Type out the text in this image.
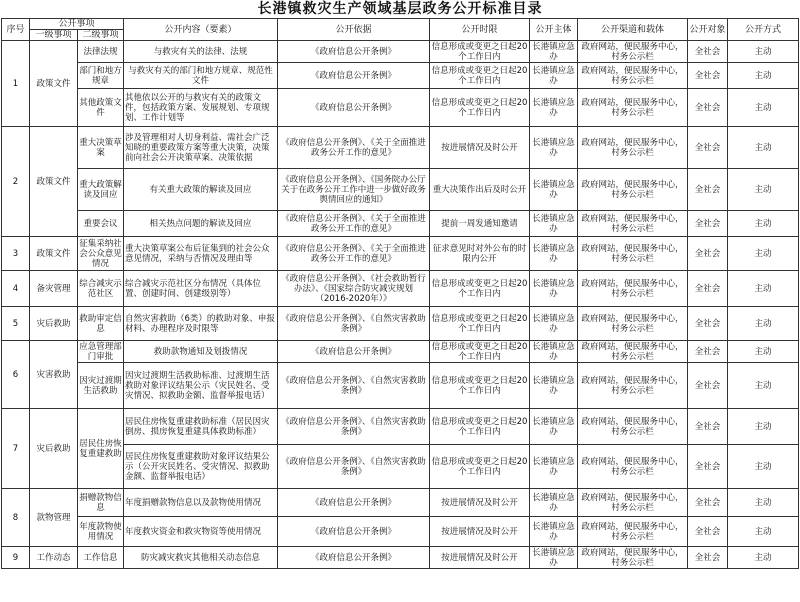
长港镇救灾生产领域基层政务公开标准目录
序号	公开事项		公开内容（要素）	公开依据	公开时限	公开主体	公开渠道和载体	公开对象	公开方式
	一级事项	二级事项							
1	政策文件	法律法规	与救灾有关的法律、法规	《政府信息公开条例》	信息形成或变更之日起20个工作日内	长港镇应急办	政府网站，便民服务中心，村务公示栏	全社会	主动
		部门和地方规章	与救灾有关的部门和地方规章、规范性文件	《政府信息公开条例》	信息形成或变更之日起20个工作日内	长港镇应急办	政府网站，便民服务中心，村务公示栏	全社会	主动
		其他政策文件	其他依以公开的与救灾有关的政策文件，包括政策方案、发展规划、专项规划、工作计划等	《政府信息公开条例》	信息形成或变更之日起20个工作日内	长港镇应急办	政府网站，便民服务中心，村务公示栏	全社会	主动
2	政策文件	重大决策草案	涉及管理相对人切身利益、需社会广泛知晓的重要政策方案等重大决策，决策前向社会公开决策草案、决策依据	《政府信息公开条例》、《关于全面推进政务公开工作的意见》	按进展情况及时公开	长港镇应急办	政府网站，便民服务中心，村务公示栏	全社会	主动
		重大政策解读及回应	有关重大政策的解读及回应	《政府信息公开条例》、《国务院办公厅关于在政务公开工作中进一步做好政务舆情回应的通知》	重大决策作出后及时公开	长港镇应急办	政府网站，便民服务中心，村务公示栏	全社会	主动
		重要会议	相关热点问题的解读及回应	《政府信息公开条例》、《关于全面推进政务公开工作的意见》	提前一周发通知邀请	长港镇应急办	政府网站，便民服务中心，村务公示栏	全社会	主动
3	政策文件	征集采纳社会公众意见情况	重大决策草案公布后征集到的社会公众意见情况，采纳与否情况及理由等	《政府信息公开条例》、《关于全面推进政务公开工作的意见》	征求意见时对外公布的时限内公开	长港镇应急办	政府网站，便民服务中心，村务公示栏	全社会	主动
4	备灾管理	综合减灾示范社区	综合减灾示范社区分布情况（具体位置、创建时间、创建级别等）	《政府信息公开条例》、《社会救助暂行办法》、《国家综合防灾减灾规划（2016-2020年）》	信息形成或变更之日起20个工作日内	长港镇应急办	政府网站，便民服务中心，村务公示栏	全社会	主动
5	灾后救助	救助审定信息	自然灾害救助（6类）的救助对象、申报材料、办理程序及时限等	《政府信息公开条例》、《自然灾害救助条例》	信息形成或变更之日起20个工作日内	长港镇应急办	政府网站，便民服务中心，村务公示栏	全社会	主动
6	灾害救助	应急管理部门审批	救助款物通知及划拨情况	《政府信息公开条例》	信息形成或变更之日起20个工作日内	长港镇应急办	政府网站，便民服务中心，村务公示栏	全社会	主动
		因灾过渡期生活救助	因灾过渡期生活救助标准、过渡期生活救助对象评议结果公示（灾民姓名、受灾情况、拟救助金额、监督举报电话）	《政府信息公开条例》、《自然灾害救助条例》	信息形成或变更之日起20个工作日内	长港镇应急办	政府网站，便民服务中心，村务公示栏	全社会	主动
7	灾后救助	居民住房恢复重建救助	居民住房恢复重建救助标准（居民因灾倒房、损房恢复重建具体救助标准）	《政府信息公开条例》、《自然灾害救助条例》	信息形成或变更之日起20个工作日内	长港镇应急办	政府网站，便民服务中心，村务公示栏	全社会	主动
			居民住房恢复重建救助对象评议结果公示（公开灾民姓名、受灾情况、拟救助金额、监督举报电话）	《政府信息公开条例》、《自然灾害救助条例》	信息形成或变更之日起20个工作日内	长港镇应急办	政府网站，便民服务中心，村务公示栏	全社会	主动
8	款物管理	捐赠款物信息	年度捐赠款物信息以及款物使用情况	《政府信息公开条例》	按进展情况及时公开	长港镇应急办	政府网站，便民服务中心，村务公示栏	全社会	主动
		年度款物使用情况	年度救灾资金和救灾物资等使用情况	《政府信息公开条例》	按进展情况及时公开	长港镇应急办	政府网站，便民服务中心，村务公示栏	全社会	主动
9	工作动态	工作信息	防灾减灾救灾其他相关动态信息	《政府信息公开条例》	按进展情况及时公开	长港镇应急办	政府网站，便民服务中心，村务公示栏	全社会	主动
